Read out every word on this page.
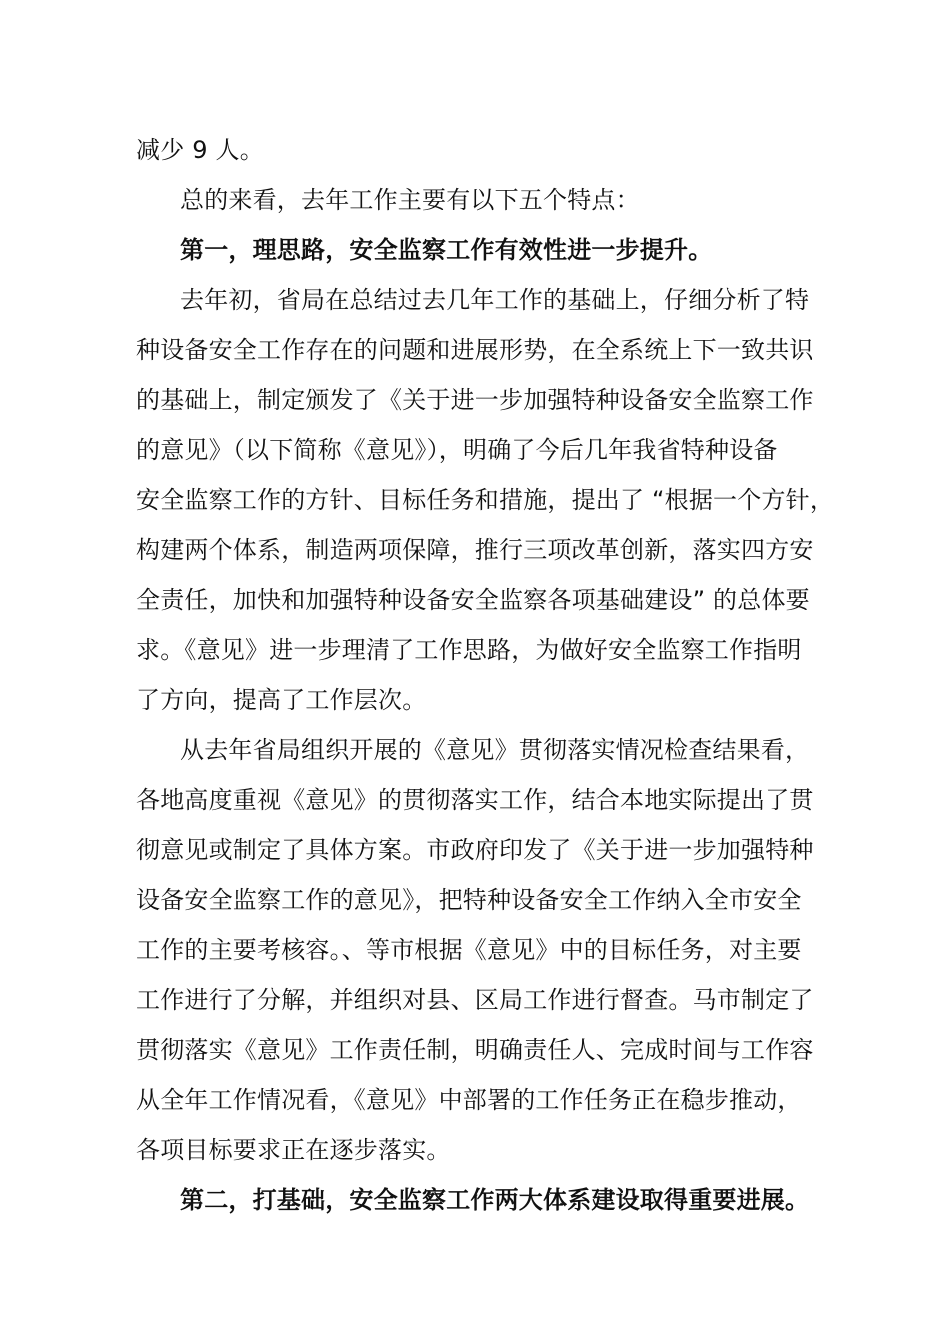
减少 9 人。
总的来看，去年工作主要有以下五个特点：
第一，理思路，安全监察工作有效性进一步提升。
去年初，省局在总结过去几年工作的基础上，仔细分析了特
种设备安全工作存在的问题和进展形势，在全系统上下一致共识
的基础上，制定颁发了《关于进一步加强特种设备安全监察工作
的意见》（以下简称《意见》），明确了今后几年我省特种设备
安全监察工作的方针、目标任务和措施，提出了 “根据一个方针，
构建两个体系，制造两项保障，推行三项改革创新，落实四方安
全责任，加快和加强特种设备安全监察各项基础建设” 的总体要
求。《意见》进一步理清了工作思路，为做好安全监察工作指明
了方向，提高了工作层次。
从去年省局组织开展的《意见》贯彻落实情况检查结果看，
各地高度重视《意见》的贯彻落实工作，结合本地实际提出了贯
彻意见或制定了具体方案。市政府印发了《关于进一步加强特种
设备安全监察工作的意见》，把特种设备安全工作纳入全市安全
工作的主要考核容。、等市根据《意见》中的目标任务，对主要
工作进行了分解，并组织对县、区局工作进行督查。马市制定了
贯彻落实《意见》工作责任制，明确责任人、完成时间与工作容
从全年工作情况看，《意见》中部署的工作任务正在稳步推动，
各项目标要求正在逐步落实。
第二，打基础，安全监察工作两大体系建设取得重要进展。
